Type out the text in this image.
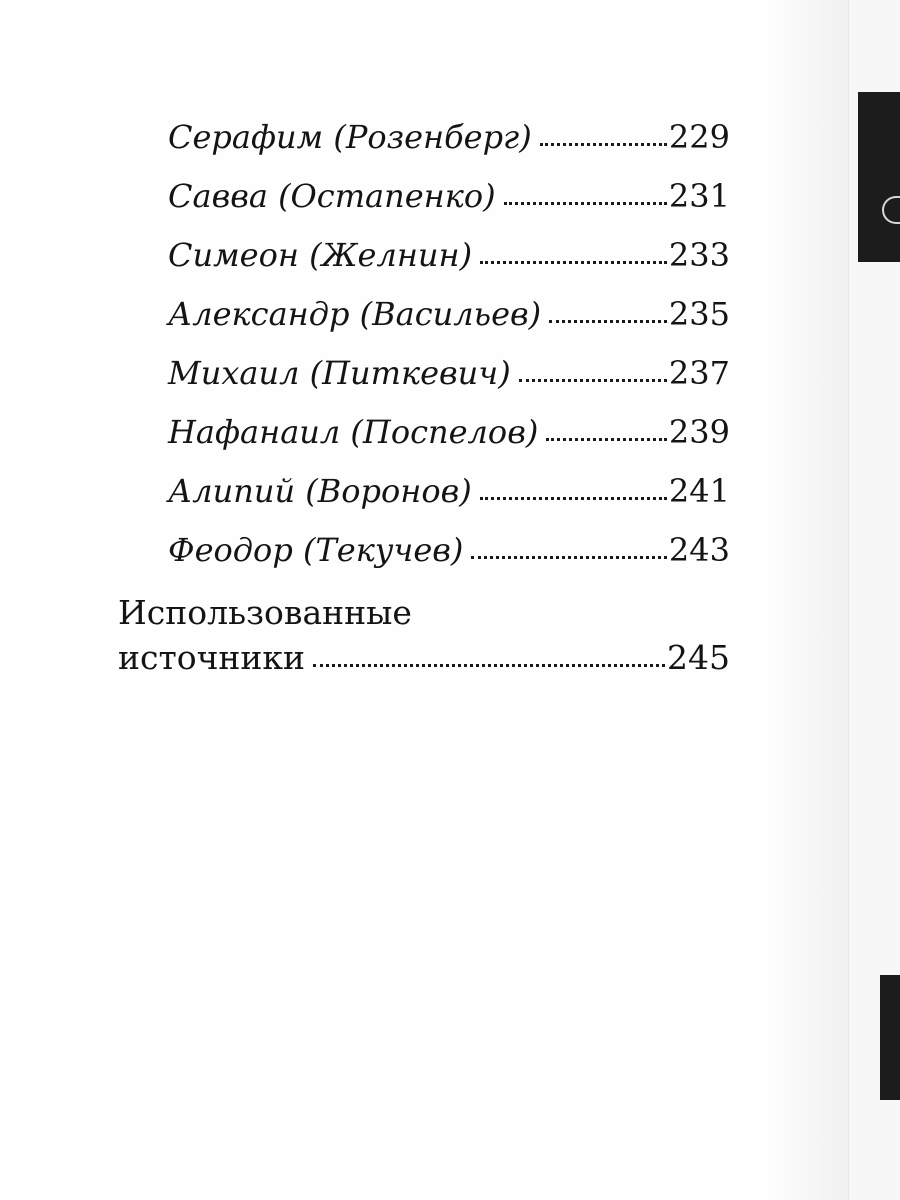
Серафим (Розенберг)	229
Савва (Остапенко)	231
Симеон (Желнин)	233
Александр (Васильев)	235
Михаил (Питкевич)	237
Нафанаил (Поспелов)	239
Алипий (Воронов)	241
Феодор (Текучев)	243
Использованные
источники	245
